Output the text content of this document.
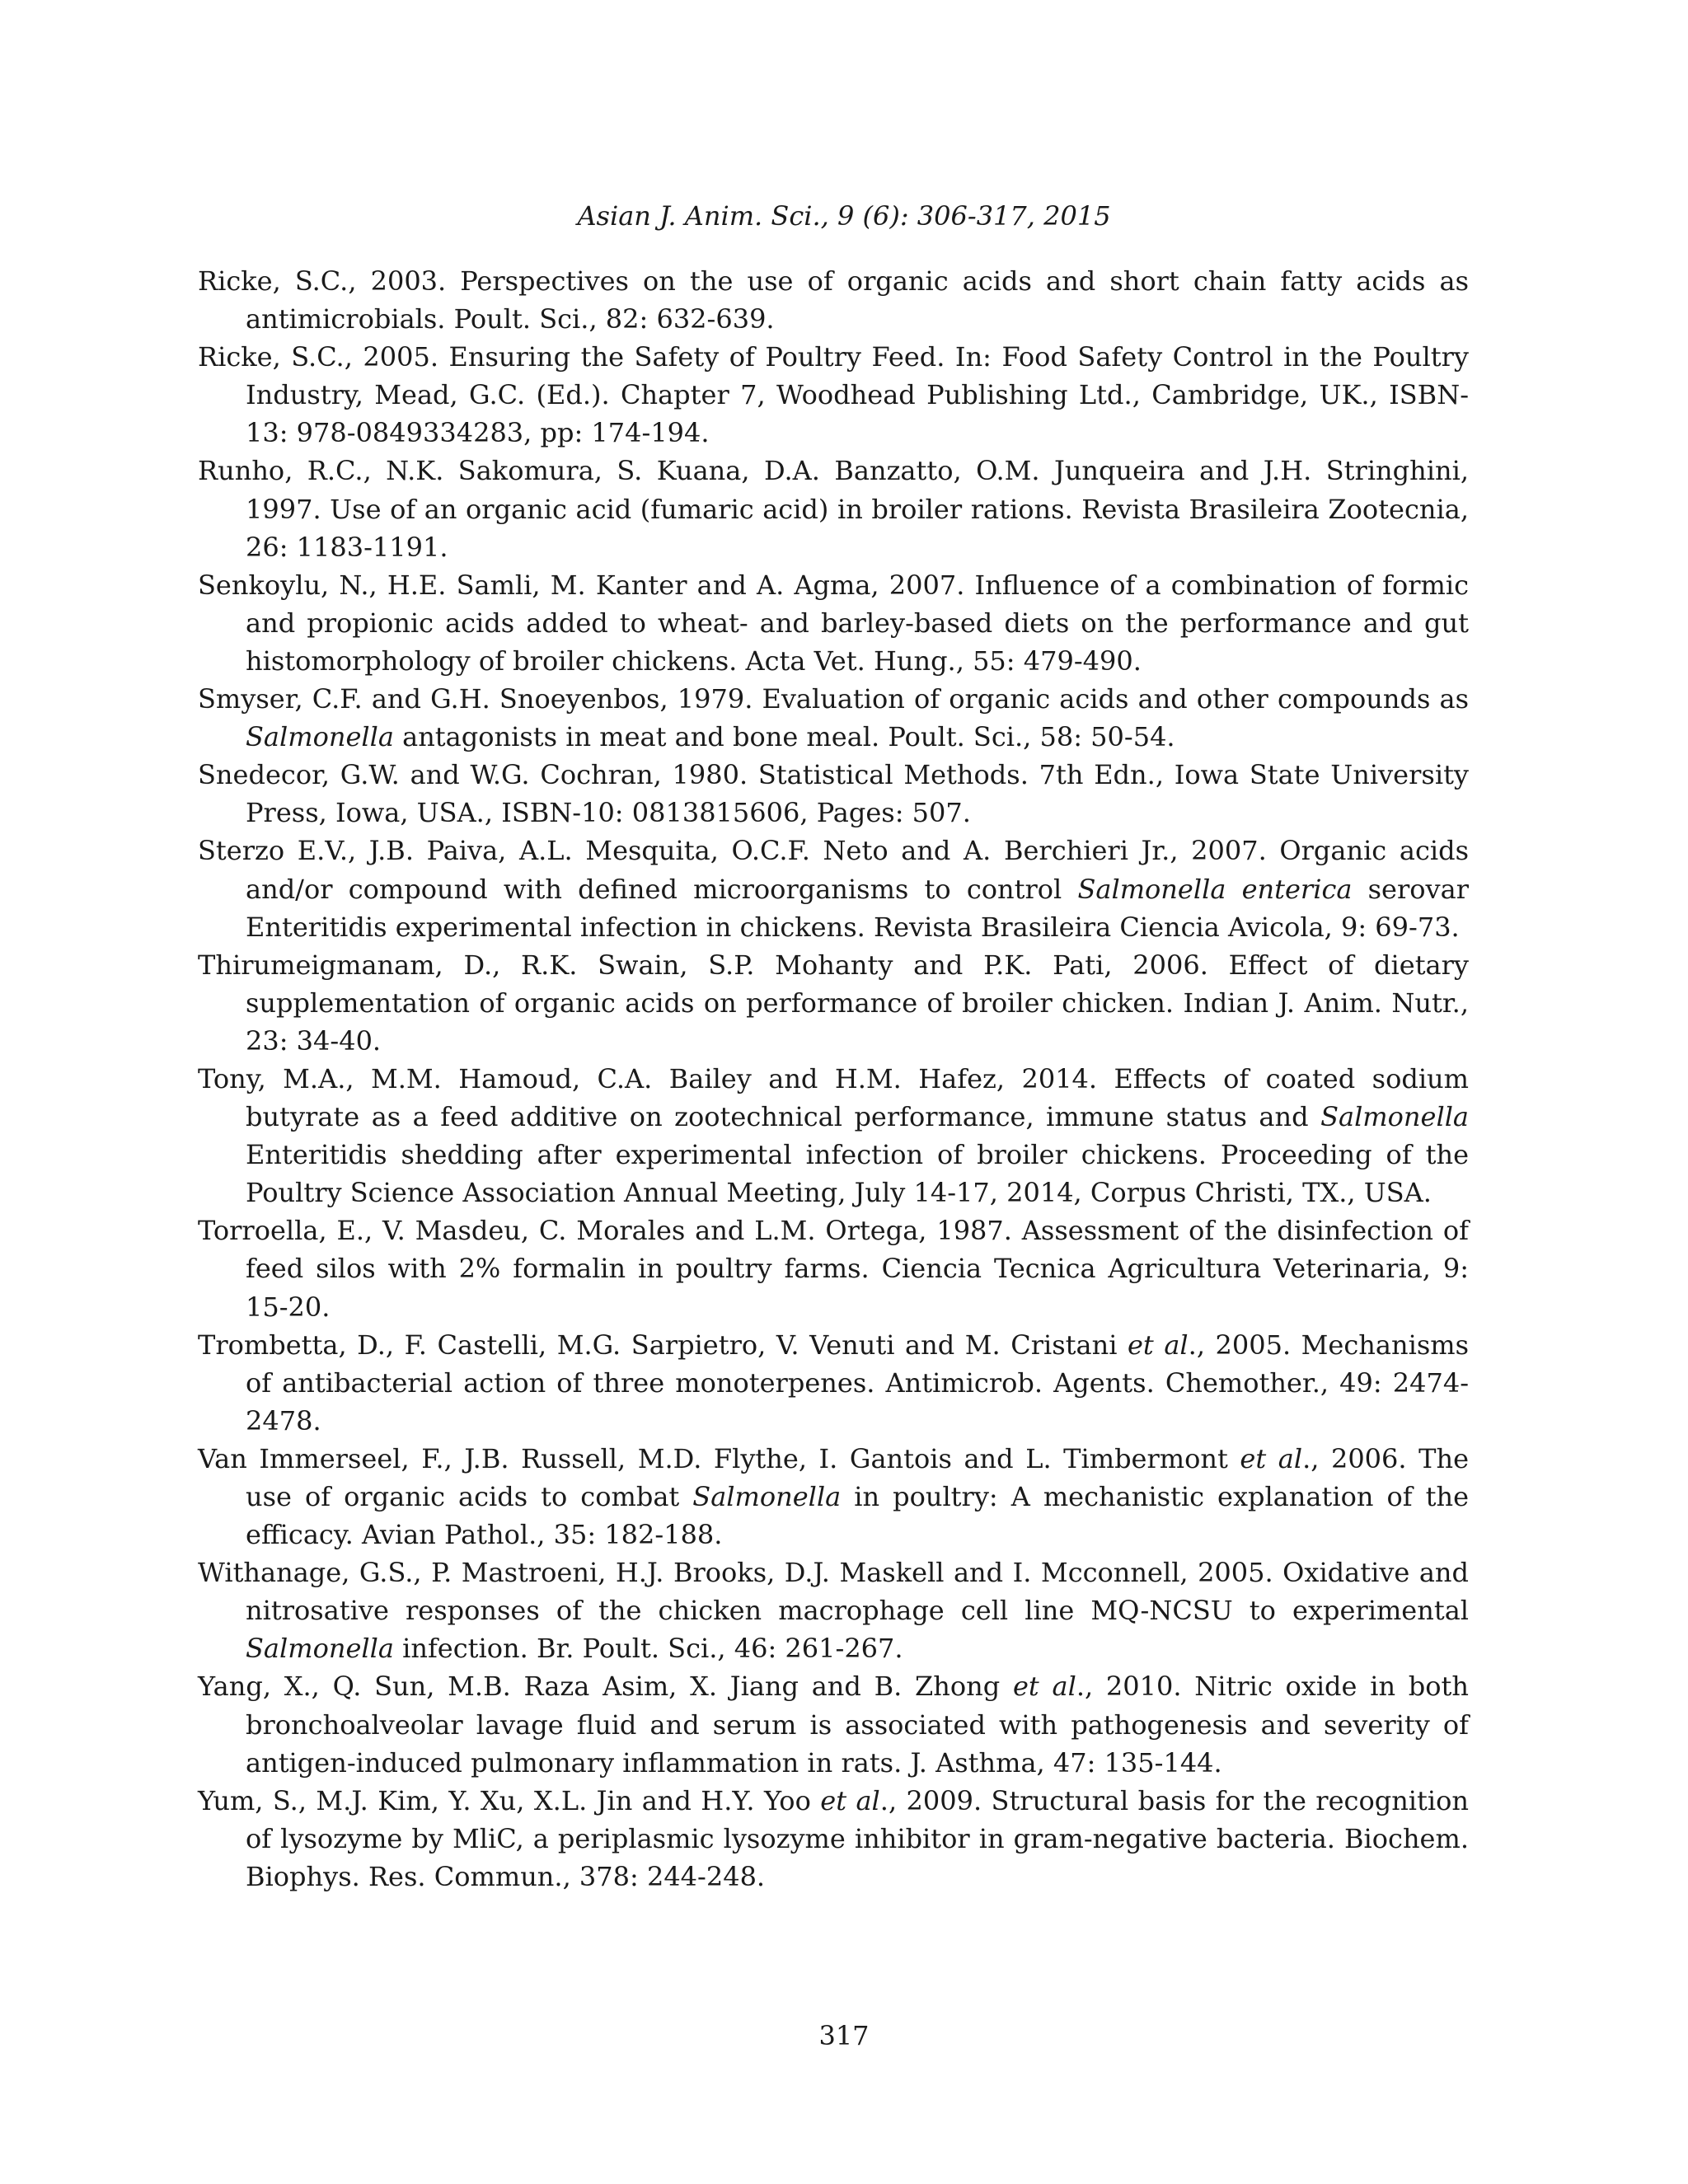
Asian J. Anim. Sci., 9 (6): 306-317, 2015
Ricke, S.C., 2003. Perspectives on the use of organic acids and short chain fatty acids as antimicrobials. Poult. Sci., 82: 632-639.
Ricke, S.C., 2005. Ensuring the Safety of Poultry Feed. In: Food Safety Control in the Poultry Industry, Mead, G.C. (Ed.). Chapter 7, Woodhead Publishing Ltd., Cambridge, UK., ISBN-13: 978-0849334283, pp: 174-194.
Runho, R.C., N.K. Sakomura, S. Kuana, D.A. Banzatto, O.M. Junqueira and J.H. Stringhini, 1997. Use of an organic acid (fumaric acid) in broiler rations. Revista Brasileira Zootecnia, 26: 1183-1191.
Senkoylu, N., H.E. Samli, M. Kanter and A. Agma, 2007. Influence of a combination of formic and propionic acids added to wheat- and barley-based diets on the performance and gut histomorphology of broiler chickens. Acta Vet. Hung., 55: 479-490.
Smyser, C.F. and G.H. Snoeyenbos, 1979. Evaluation of organic acids and other compounds as Salmonella antagonists in meat and bone meal. Poult. Sci., 58: 50-54.
Snedecor, G.W. and W.G. Cochran, 1980. Statistical Methods. 7th Edn., Iowa State University Press, Iowa, USA., ISBN-10: 0813815606, Pages: 507.
Sterzo E.V., J.B. Paiva, A.L. Mesquita, O.C.F. Neto and A. Berchieri Jr., 2007. Organic acids and/or compound with defined microorganisms to control Salmonella enterica serovar Enteritidis experimental infection in chickens. Revista Brasileira Ciencia Avicola, 9: 69-73.
Thirumeigmanam, D., R.K. Swain, S.P. Mohanty and P.K. Pati, 2006. Effect of dietary supplementation of organic acids on performance of broiler chicken. Indian J. Anim. Nutr., 23: 34-40.
Tony, M.A., M.M. Hamoud, C.A. Bailey and H.M. Hafez, 2014. Effects of coated sodium butyrate as a feed additive on zootechnical performance, immune status and Salmonella Enteritidis shedding after experimental infection of broiler chickens. Proceeding of the Poultry Science Association Annual Meeting, July 14-17, 2014, Corpus Christi, TX., USA.
Torroella, E., V. Masdeu, C. Morales and L.M. Ortega, 1987. Assessment of the disinfection of feed silos with 2% formalin in poultry farms. Ciencia Tecnica Agricultura Veterinaria, 9: 15-20.
Trombetta, D., F. Castelli, M.G. Sarpietro, V. Venuti and M. Cristani et al., 2005. Mechanisms of antibacterial action of three monoterpenes. Antimicrob. Agents. Chemother., 49: 2474-2478.
Van Immerseel, F., J.B. Russell, M.D. Flythe, I. Gantois and L. Timbermont et al., 2006. The use of organic acids to combat Salmonella in poultry: A mechanistic explanation of the efficacy. Avian Pathol., 35: 182-188.
Withanage, G.S., P. Mastroeni, H.J. Brooks, D.J. Maskell and I. Mcconnell, 2005. Oxidative and nitrosative responses of the chicken macrophage cell line MQ-NCSU to experimental Salmonella infection. Br. Poult. Sci., 46: 261-267.
Yang, X., Q. Sun, M.B. Raza Asim, X. Jiang and B. Zhong et al., 2010. Nitric oxide in both bronchoalveolar lavage fluid and serum is associated with pathogenesis and severity of antigen-induced pulmonary inflammation in rats. J. Asthma, 47: 135-144.
Yum, S., M.J. Kim, Y. Xu, X.L. Jin and H.Y. Yoo et al., 2009. Structural basis for the recognition of lysozyme by MliC, a periplasmic lysozyme inhibitor in gram-negative bacteria. Biochem. Biophys. Res. Commun., 378: 244-248.
317
